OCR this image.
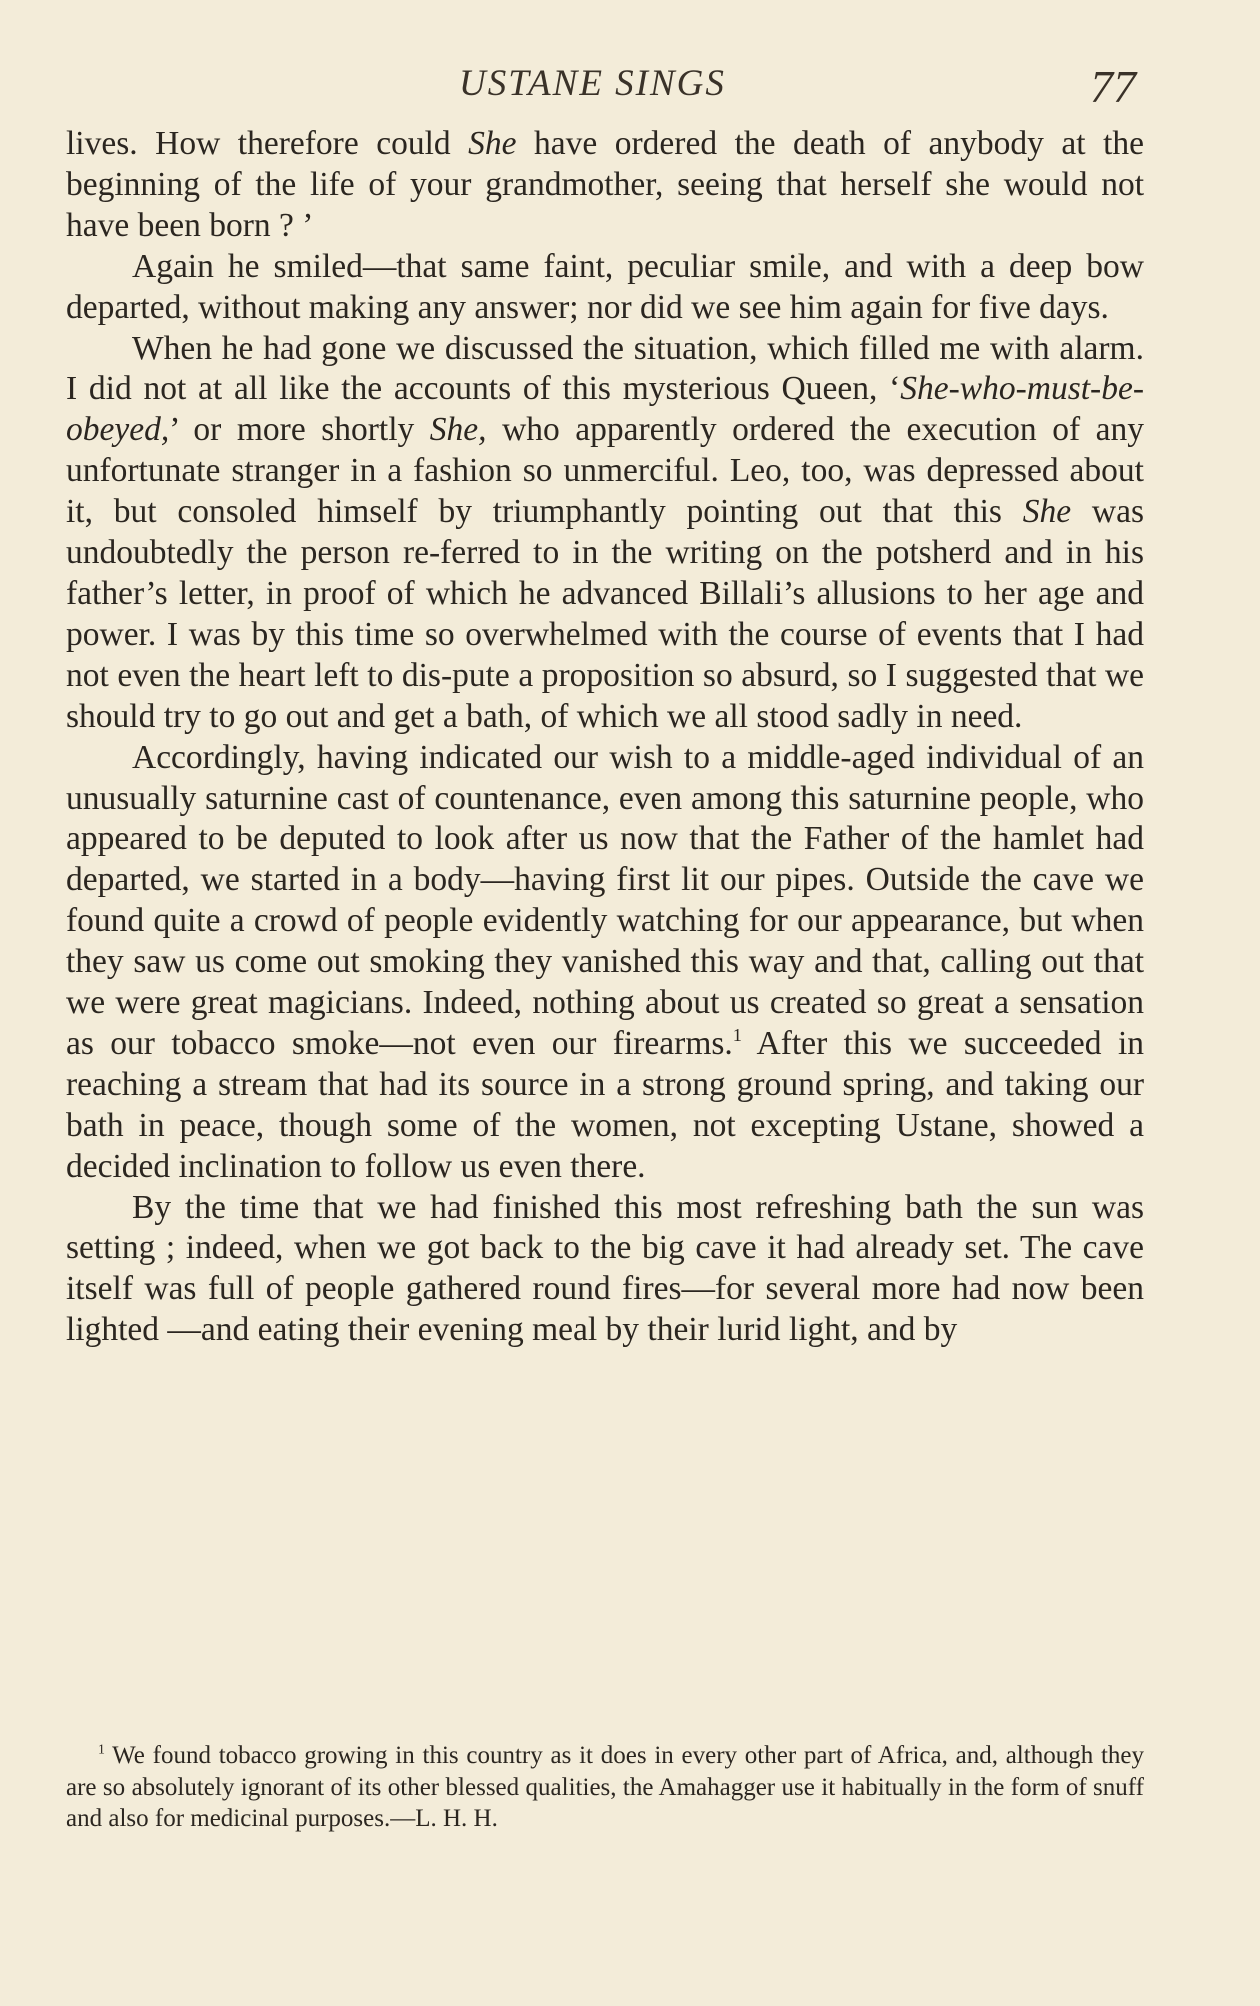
USTANE SINGS	77

lives. How therefore could She have ordered the death of anybody at the beginning of the life of your grandmother, seeing that herself she would not have been born ? ’

Again he smiled—that same faint, peculiar smile, and with a deep bow departed, without making any answer; nor did we see him again for five days.

When he had gone we discussed the situation, which filled me with alarm. I did not at all like the accounts of this mysterious Queen, ‘She-who-must-be-obeyed,’ or more shortly She, who apparently ordered the execution of any unfortunate stranger in a fashion so unmerciful. Leo, too, was depressed about it, but consoled himself by triumphantly pointing out that this She was undoubtedly the person re-ferred to in the writing on the potsherd and in his father’s letter, in proof of which he advanced Billali’s allusions to her age and power. I was by this time so overwhelmed with the course of events that I had not even the heart left to dis-pute a proposition so absurd, so I suggested that we should try to go out and get a bath, of which we all stood sadly in need.

Accordingly, having indicated our wish to a middle-aged individual of an unusually saturnine cast of countenance, even among this saturnine people, who appeared to be deputed to look after us now that the Father of the hamlet had departed, we started in a body—having first lit our pipes. Outside the cave we found quite a crowd of people evidently watching for our appearance, but when they saw us come out smoking they vanished this way and that, calling out that we were great magicians. Indeed, nothing about us created so great a sensation as our tobacco smoke—not even our firearms.$^1$ After this we succeeded in reaching a stream that had its source in a strong ground spring, and taking our bath in peace, though some of the women, not excepting Ustane, showed a decided inclination to follow us even there.

By the time that we had finished this most refreshing bath the sun was setting ; indeed, when we got back to the big cave it had already set. The cave itself was full of people gathered round fires—for several more had now been lighted —and eating their evening meal by their lurid light, and by

$^1$ We found tobacco growing in this country as it does in every other part of Africa, and, although they are so absolutely ignorant of its other blessed qualities, the Amahagger use it habitually in the form of snuff and also for medicinal purposes.—L. H. H.
